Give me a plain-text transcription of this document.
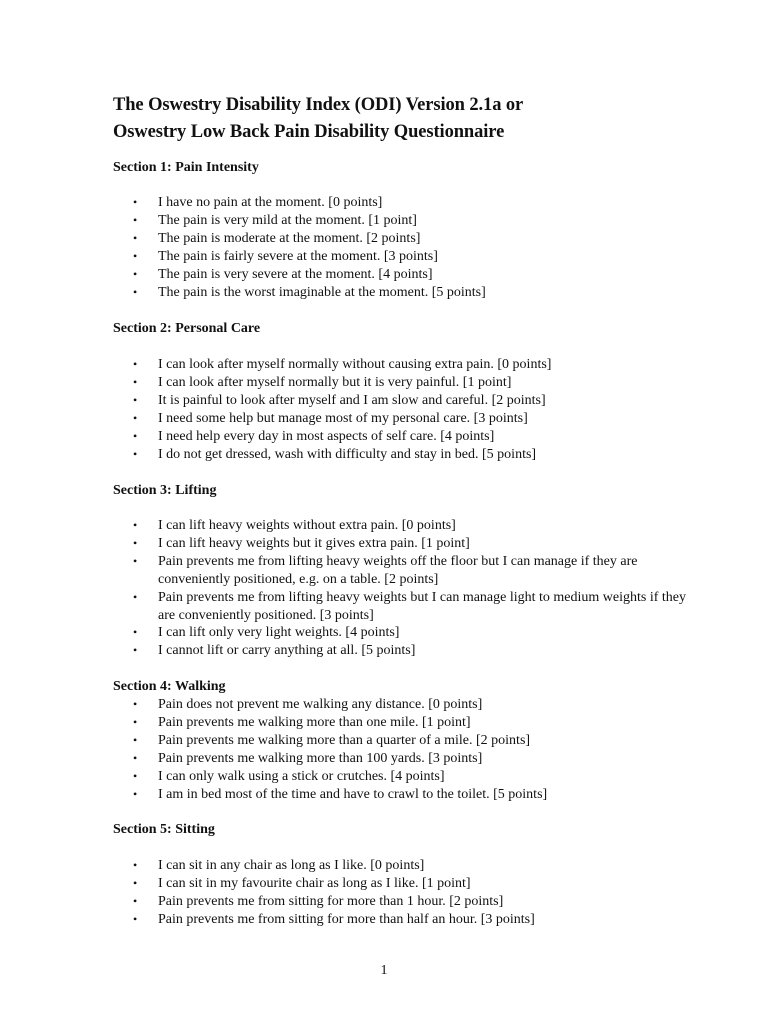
The Oswestry Disability Index (ODI) Version 2.1a or
Oswestry Low Back Pain Disability Questionnaire
Section 1: Pain Intensity
• I have no pain at the moment. [0 points]
• The pain is very mild at the moment. [1 point]
• The pain is moderate at the moment. [2 points]
• The pain is fairly severe at the moment. [3 points]
• The pain is very severe at the moment. [4 points]
• The pain is the worst imaginable at the moment. [5 points]
Section 2: Personal Care
• I can look after myself normally without causing extra pain. [0 points]
• I can look after myself normally but it is very painful. [1 point]
• It is painful to look after myself and I am slow and careful. [2 points]
• I need some help but manage most of my personal care. [3 points]
• I need help every day in most aspects of self care. [4 points]
• I do not get dressed, wash with difficulty and stay in bed. [5 points]
Section 3: Lifting
• I can lift heavy weights without extra pain. [0 points]
• I can lift heavy weights but it gives extra pain. [1 point]
• Pain prevents me from lifting heavy weights off the floor but I can manage if they are conveniently positioned, e.g. on a table. [2 points]
• Pain prevents me from lifting heavy weights but I can manage light to medium weights if they are conveniently positioned. [3 points]
• I can lift only very light weights. [4 points]
• I cannot lift or carry anything at all. [5 points]
Section 4: Walking
• Pain does not prevent me walking any distance. [0 points]
• Pain prevents me walking more than one mile. [1 point]
• Pain prevents me walking more than a quarter of a mile. [2 points]
• Pain prevents me walking more than 100 yards. [3 points]
• I can only walk using a stick or crutches. [4 points]
• I am in bed most of the time and have to crawl to the toilet. [5 points]
Section 5: Sitting
• I can sit in any chair as long as I like. [0 points]
• I can sit in my favourite chair as long as I like. [1 point]
• Pain prevents me from sitting for more than 1 hour. [2 points]
• Pain prevents me from sitting for more than half an hour. [3 points]
1
